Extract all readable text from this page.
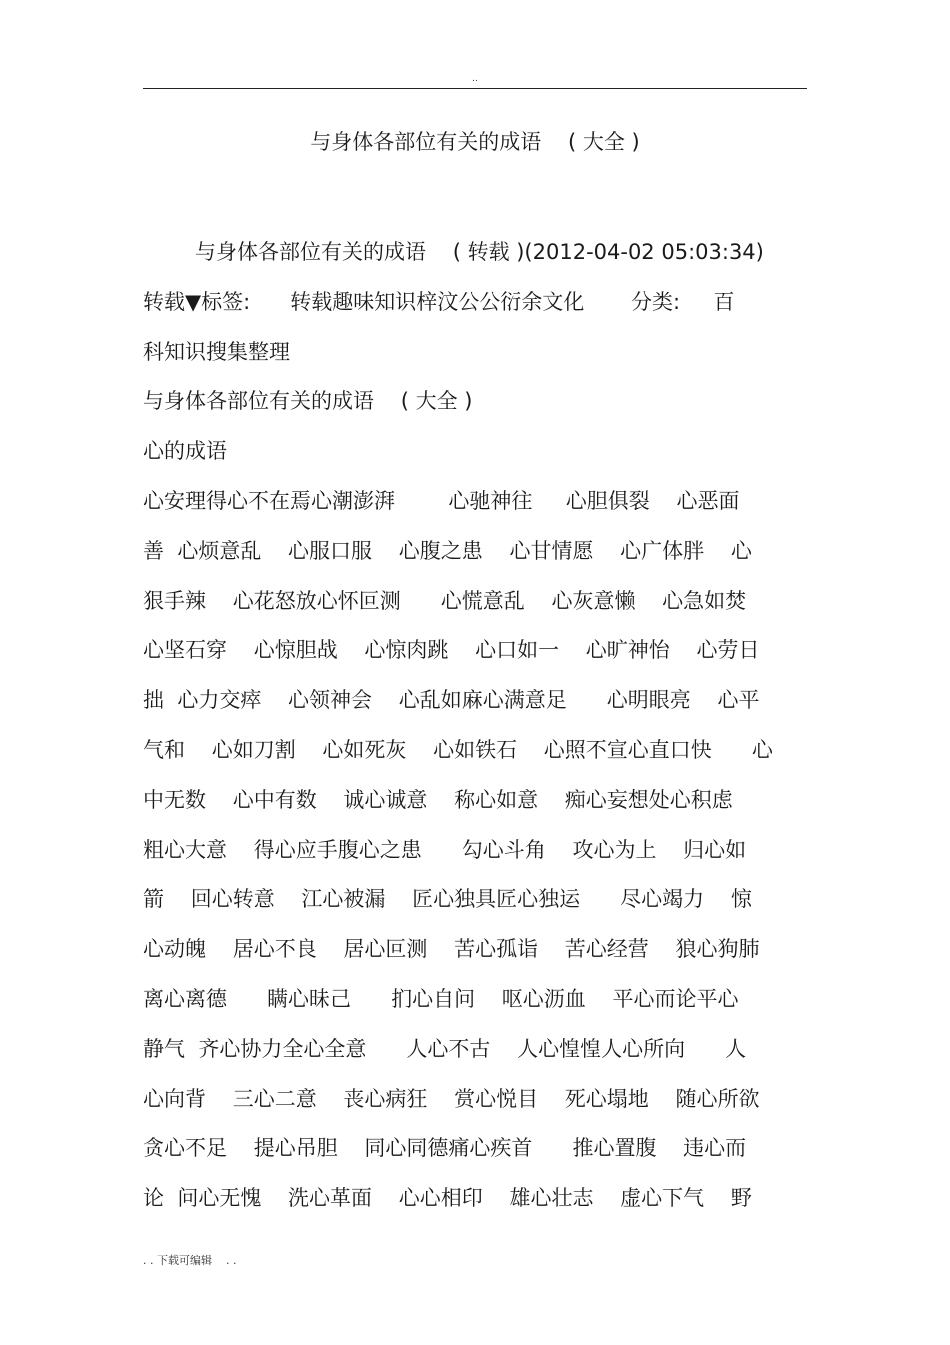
..
与身体各部位有关的成语    ( 大全 )
与身体各部位有关的成语    ( 转载 )(2012-04-02 05:03:34)
转载▼标签:      转载趣味知识梓汶公公衍余文化       分类:     百
科知识搜集整理
与身体各部位有关的成语    ( 大全 )
心的成语
心安理得心不在焉心潮澎湃        心驰神往     心胆俱裂    心恶面
善  心烦意乱    心服口服    心腹之患    心甘情愿    心广体胖    心
狠手辣    心花怒放心怀叵测      心慌意乱    心灰意懒    心急如焚
心坚石穿    心惊胆战    心惊肉跳    心口如一    心旷神怡    心劳日
拙  心力交瘁    心领神会    心乱如麻心满意足      心明眼亮    心平
气和    心如刀割    心如死灰    心如铁石    心照不宣心直口快      心
中无数    心中有数    诚心诚意    称心如意    痴心妄想处心积虑
粗心大意    得心应手腹心之患      勾心斗角    攻心为上    归心如
箭    回心转意    江心被漏    匠心独具匠心独运      尽心竭力    惊
心动魄    居心不良    居心叵测    苦心孤诣    苦心经营    狼心狗肺
离心离德      瞒心昧己      扪心自问    呕心沥血    平心而论平心
静气  齐心协力全心全意      人心不古    人心惶惶人心所向      人
心向背    三心二意    丧心病狂    赏心悦目    死心塌地    随心所欲
贪心不足    提心吊胆    同心同德痛心疾首      推心置腹    违心而
论  问心无愧    洗心革面    心心相印    雄心壮志    虚心下气    野
. . 下载可编辑    . .
